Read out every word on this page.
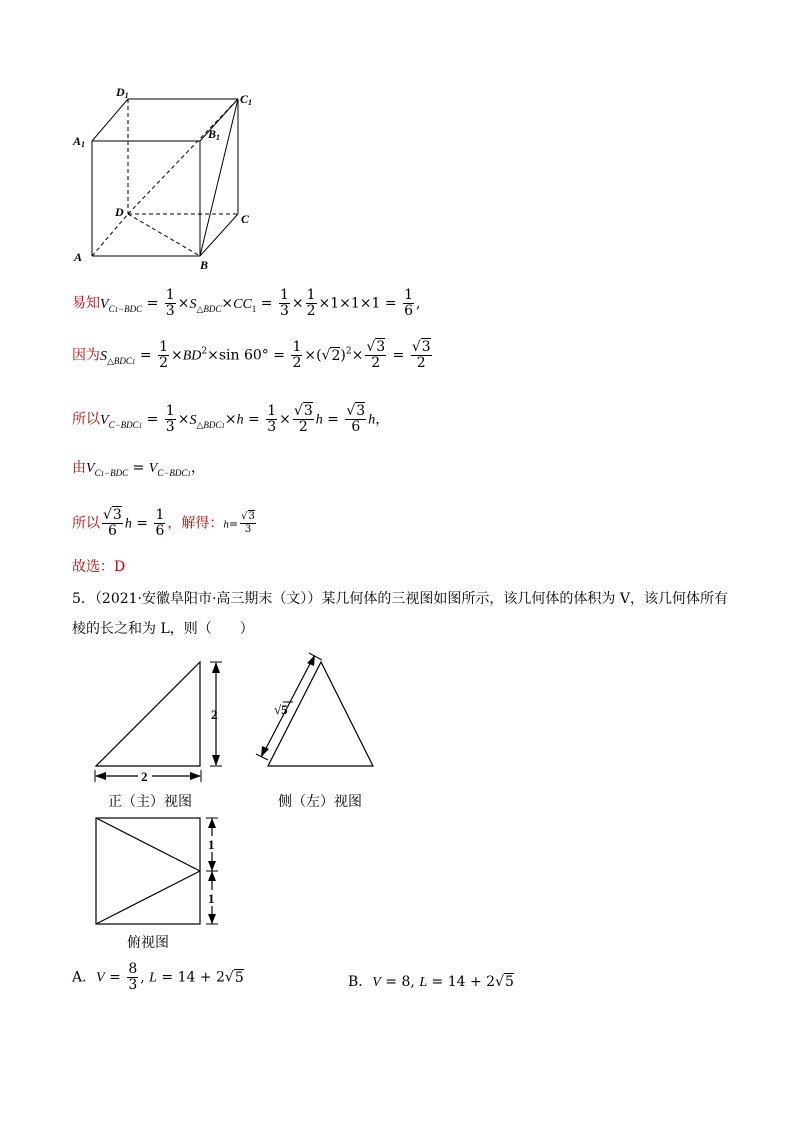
D1	C1
A1
B1
D	C
A
B
易知$V_{C1-BDC} = \frac{1}{3} \times S_{\triangle BDC}\times CC_1 = \frac{1}{3} \times \frac{1}{2} \times 1\times 1\times 1 = \frac{1}{6}$ ,
因为$S_{\triangle BDC1} = \frac{1}{2} \times BD^2\times\sin$ $60^\circ = \frac{1}{2} \times(√2)^2\times \frac{√3}{2} = \frac{√3}{2}$
所以$V_{C-BDC1} = \frac{1}{3} \times S_{\triangle BDC1}\times h = \frac{1}{3} \times \frac{√3}{2}$ $h = \frac{√3}{6}$ h，
由$V_{C1-BDC} = V_{C-BDC1}$，
所以 $\frac{√3}{6}$ $h = \frac{1}{6}$ ，解得：$h= \frac{√3}{3}$
故选：D
5．（2021·安徽阜阳市·高三期末（文））某几何体的三视图如图所示，该几何体的体积为 V，该几何体所有
棱的长之和为 L，则（　　）
2
2
正（主）视图
√5
侧（左）视图
1
1
俯视图
A．$V = \frac{8}{3}$ , L = 14 + 2√5	B．V = 8, L = 14 + 2√5
